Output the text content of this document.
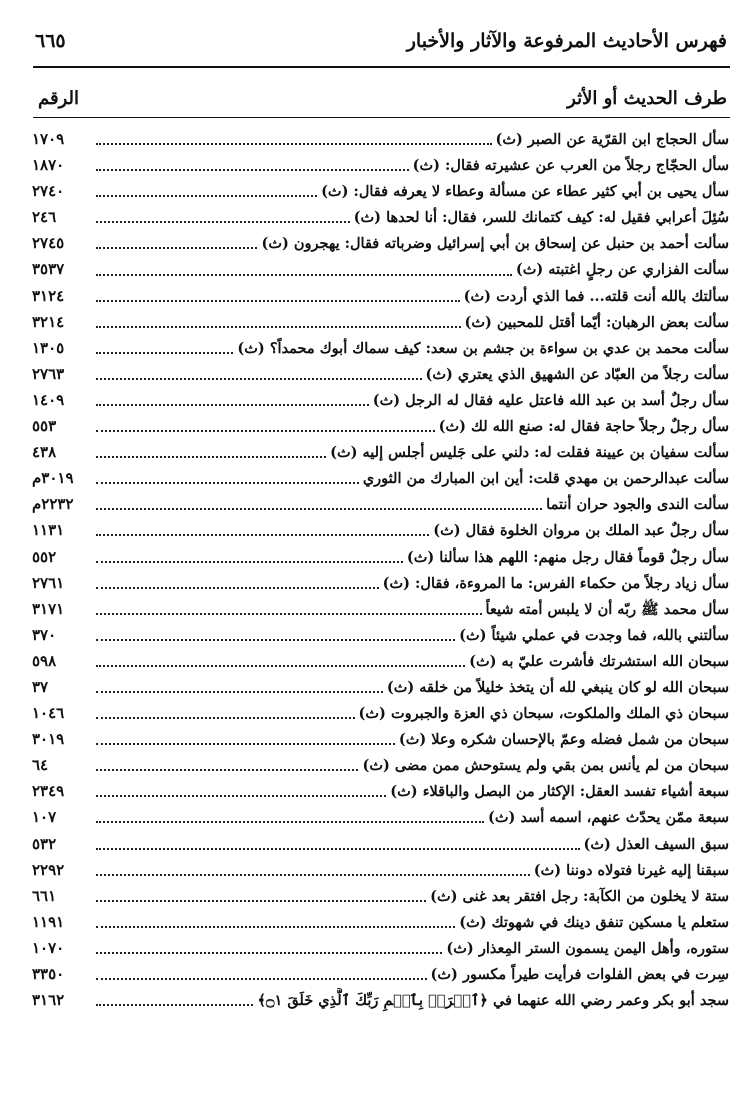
فهرس الأحاديث المرفوعة والآثار والأخبار
٦٦٥
طرف الحديث أو الأثر
الرقم
سأل الحجاج ابن القرّية عن الصبر (ث)
١٧٠٩
سأل الحجّاج رجلاً من العرب عن عشيرته فقال: (ث)
١٨٧٠
سأل يحيى بن أبي كثير عطاء عن مسألة وعطاء لا يعرفه فقال: (ث)
٢٧٤٠
سُئِلَ أعرابي فقيل له: كيف كتمانك للسر، فقال: أنا لحدها (ث)
٢٤٦
سألت أحمد بن حنبل عن إسحاق بن أبي إسرائيل وضرباته فقال: يهجرون (ث)
٢٧٤٥
سألت الفزاري عن رجلٍ اغتبته (ث)
٣٥٣٧
سألتك بالله أنت قلته... فما الذي أردت (ث)
٣١٢٤
سألت بعض الرهبان: أيّما أقتل للمحبين (ث)
٣٢١٤
سألت محمد بن عدي بن سواءة بن جشم بن سعد: كيف سماك أبوك محمداً؟ (ث)
١٣٠٥
سألت رجلاً من العبّاد عن الشهيق الذي يعتري (ث)
٢٧٦٣
سأل رجلٌ أسد بن عبد الله فاعتل عليه فقال له الرجل (ث)
١٤٠٩
سأل رجلٌ رجلاً حاجة فقال له: صنع الله لك (ث)
٥٥٣
سألت سفيان بن عيينة فقلت له: دلني على جَليس أجلس إليه (ث)
٤٣٨
سألت عبدالرحمن بن مهدي قلت: أين ابن المبارك من الثوري
٣٠١٩م
سألت الندى والجود حران أنتما
٢٢٣٢م
سأل رجلٌ عبد الملك بن مروان الخلوة فقال (ث)
١١٣١
سأل رجلٌ قوماً فقال رجل منهم: اللهم هذا سألنا (ث)
٥٥٢
سأل زياد رجلاً من حكماء الفرس: ما المروءة، فقال: (ث)
٢٧٦١
سأل محمد ﷺ ربّه أن لا يلبس أمته شيعاً
٣١٧١
سألتني بالله، فما وجدت في عملي شيئاً (ث)
٣٧٠
سبحان الله استشرتك فأشرت عليّ به (ث)
٥٩٨
سبحان الله لو كان ينبغي لله أن يتخذ خليلاً من خلقه (ث)
٣٧
سبحان ذي الملك والملكوت، سبحان ذي العزة والجبروت (ث)
١٠٤٦
سبحان من شمل فضله وعمّ بالإحسان شكره وعلا (ث)
٣٠١٩
سبحان من لم يأنس بمن بقي ولم يستوحش ممن مضى (ث)
٦٤
سبعة أشياء تفسد العقل: الإكثار من البصل والباقلاء (ث)
٢٣٤٩
سبعة ممّن يحدّث عنهم، اسمه أسد (ث)
١٠٧
سبق السيف العذل (ث)
٥٣٢
سبقنا إليه غيرنا فتولاه دوننا (ث)
٢٢٩٢
ستة لا يخلون من الكآبة: رجل افتقر بعد غنى (ث)
٦٦١
ستعلم يا مسكين تنفق دينك في شهوتك (ث)
١١٩١
ستوره، وأهل اليمن يسمون الستر المِعذار (ث)
١٠٧٠
سِرت في بعض الفلوات فرأيت طيراً مكسور (ث)
٣٣٥٠
سجد أبو بكر وعمر رضي الله عنهما في ﴿ٱقۡرَأۡ بِٱسۡمِ رَبِّكَ ٱلَّذِي خَلَقَ ۝١﴾
٣١٦٢
